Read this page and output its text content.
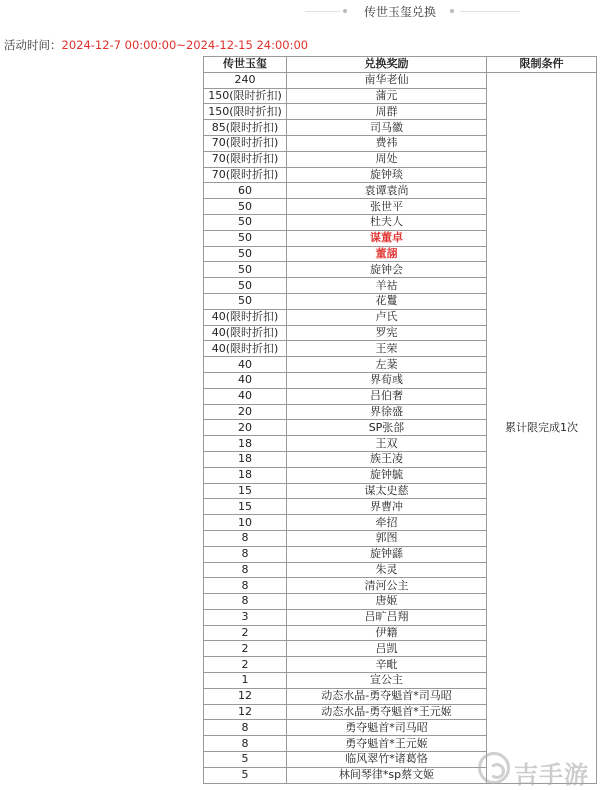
传世玉玺兑换
活动时间：2024-12-7 00:00:00~2024-12-15 24:00:00
传世玉玺	兑换奖励	限制条件
240	南华老仙	累计限完成1次
150(限时折扣)	蒲元	
150(限时折扣)	周群	
85(限时折扣)	司马徽	
70(限时折扣)	费祎	
70(限时折扣)	周处	
70(限时折扣)	旋钟琰	
60	袁谭袁尚	
50	张世平	
50	杜夫人	
50	谋董卓	
50	董翓	
50	旋钟会	
50	羊祜	
50	花鬘	
40(限时折扣)	卢氏	
40(限时折扣)	罗宪	
40(限时折扣)	王荣	
40	左棻	
40	界荀彧	
40	吕伯奢	
20	界徐盛	
20	SP张郃	
18	王双	
18	族王凌	
18	旋钟毓	
15	谋太史慈	
15	界曹冲	
10	牵招	
8	郭图	
8	旋钟繇	
8	朱灵	
8	清河公主	
8	唐姬	
3	吕旷吕翔	
2	伊籍	
2	吕凯	
2	辛毗	
1	宣公主	
12	动态水晶-勇夺魁首*司马昭	
12	动态水晶-勇夺魁首*王元姬	
8	勇夺魁首*司马昭	
8	勇夺魁首*王元姬	
5	临风翠竹*诸葛恪	
5	林间琴律*sp蔡文姬		吉手游
